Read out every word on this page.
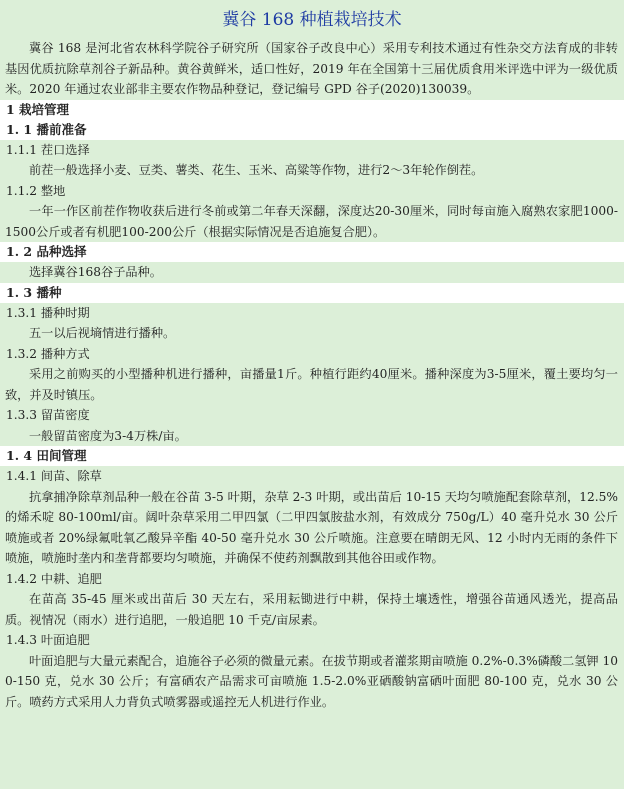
冀谷 168 种植栽培技术
冀谷 168 是河北省农林科学院谷子研究所（国家谷子改良中心）采用专利技术通过有性杂交方法育成的非转基因优质抗除草剂谷子新品种。黄谷黄鲜米，适口性好，2019 年在全国第十三届优质食用米评选中评为一级优质米。2020 年通过农业部非主要农作物品种登记，登记编号 GPD 谷子(2020)130039。
1 栽培管理
1. 1 播前准备
1.1.1 茬口选择
前茬一般选择小麦、豆类、薯类、花生、玉米、高粱等作物，进行2～3年轮作倒茬。
1.1.2 整地
一年一作区前茬作物收获后进行冬前或第二年春天深翻，深度达20-30厘米，同时每亩施入腐熟农家肥1000-1500公斤或者有机肥100-200公斤（根据实际情况是否追施复合肥）。
1. 2 品种选择
选择冀谷168谷子品种。
1. 3 播种
1.3.1 播种时期
五一以后视墒情进行播种。
1.3.2 播种方式
采用之前购买的小型播种机进行播种，亩播量1斤。种植行距约40厘米。播种深度为3-5厘米，覆土要均匀一致，并及时镇压。
1.3.3 留苗密度
一般留苗密度为3-4万株/亩。
1. 4 田间管理
1.4.1 间苗、除草
抗拿捕净除草剂品种一般在谷苗 3-5 叶期，杂草 2-3 叶期，或出苗后 10-15 天均匀喷施配套除草剂，12.5%的烯禾啶 80-100ml/亩。阔叶杂草采用二甲四氯（二甲四氯胺盐水剂，有效成分 750g/L）40 毫升兑水 30 公斤喷施或者 20%绿氟吡氧乙酸异辛酯 40-50 毫升兑水 30 公斤喷施。注意要在晴朗无风、12 小时内无雨的条件下喷施，喷施时垄内和垄背都要均匀喷施，并确保不使药剂飘散到其他谷田或作物。
1.4.2 中耕、追肥
在苗高 35-45 厘米或出苗后 30 天左右，采用耘锄进行中耕，保持土壤透性，增强谷苗通风透光，提高品质。视情况（雨水）进行追肥，一般追肥 10 千克/亩尿素。
1.4.3 叶面追肥
叶面追肥与大量元素配合，追施谷子必须的微量元素。在拔节期或者灌浆期亩喷施 0.2%-0.3%磷酸二氢钾 100-150 克，兑水 30 公斤；有富硒农产品需求可亩喷施 1.5-2.0%亚硒酸钠富硒叶面肥 80-100 克，兑水 30 公斤。喷药方式采用人力背负式喷雾器或遥控无人机进行作业。
